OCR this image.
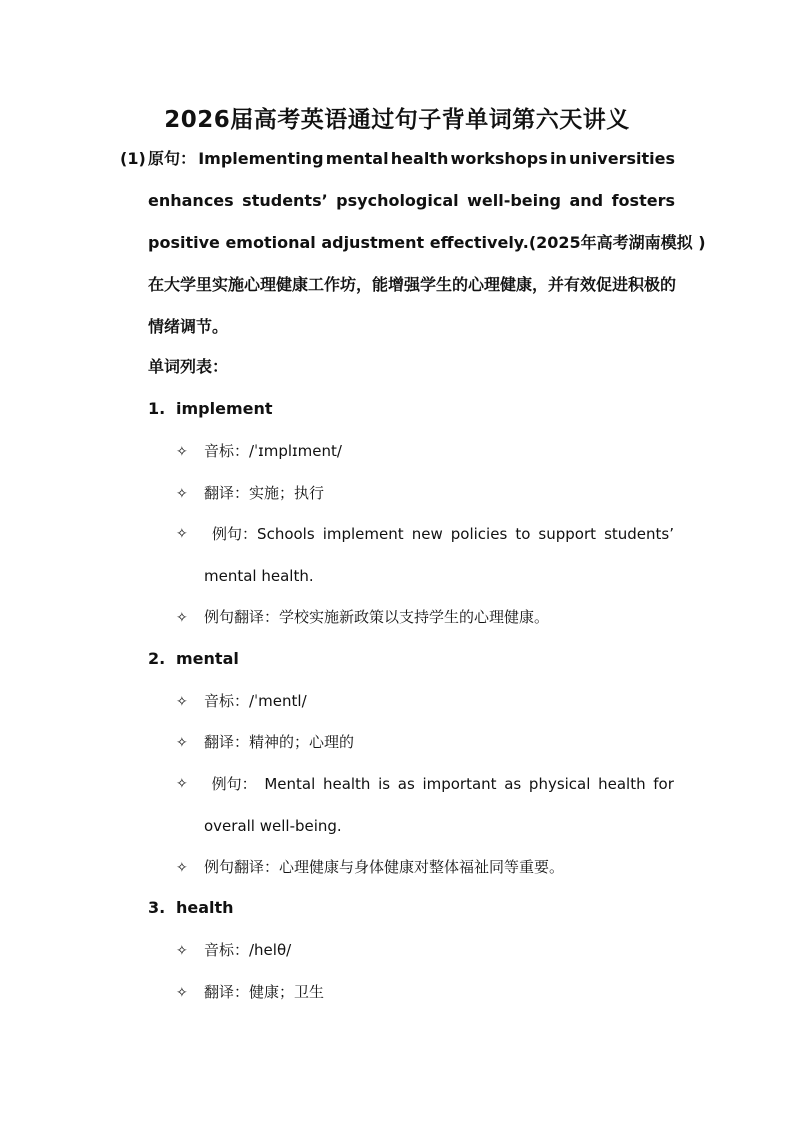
2026届高考英语通过句子背单词第六天讲义
(1) 原句： Implementing mental health workshops in universities
enhances students’ psychological well-being and fosters
positive emotional adjustment effectively.(2025年高考湖南模拟 )
在大学里实施心理健康工作坊，能增强学生的心理健康，并有效促进积极的
情绪调节。
单词列表：
1. implement
✧ 音标：/ˈɪmplɪment/
✧ 翻译：实施；执行
✧	例句：Schools implement new policies to support students’
mental health.
✧ 例句翻译：学校实施新政策以支持学生的心理健康。
2. mental
✧ 音标：/ˈmentl/
✧ 翻译：精神的；心理的
✧	例句： Mental health is as important as physical health for
overall well-being.
✧ 例句翻译：心理健康与身体健康对整体福祉同等重要。
3. health
✧ 音标：/helθ/
✧ 翻译：健康；卫生
